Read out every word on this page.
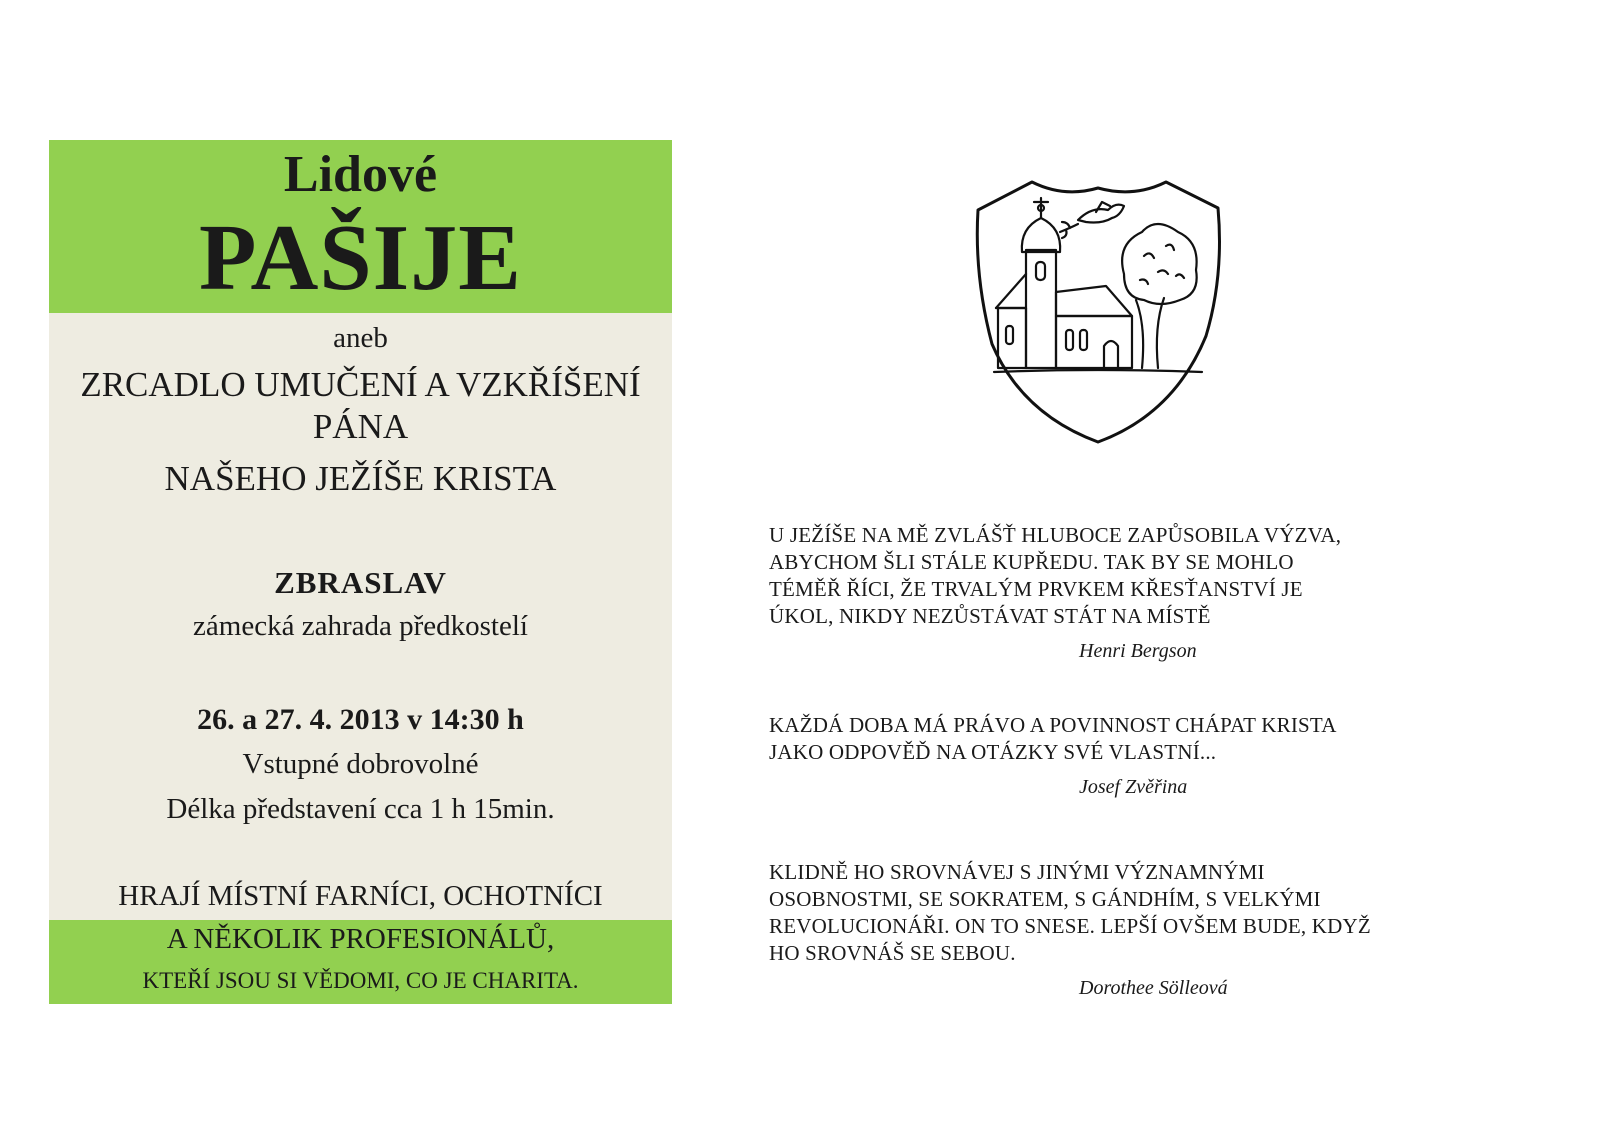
Lidové

PAŠIJE

aneb

ZRCADLO UMUČENÍ A VZKŘÍŠENÍ

PÁNA

NAŠEHO JEŽÍŠE KRISTA

ZBRASLAV

zámecká zahrada předkostelí

26. a 27. 4. 2013 v 14:30 h

Vstupné dobrovolné

Délka představení cca 1 h 15min.

HRAJÍ MÍSTNÍ FARNÍCI, OCHOTNÍCI

A NĚKOLIK PROFESIONÁLŮ,

KTEŘÍ JSOU SI VĚDOMI, CO JE CHARITA.

U JEŽÍŠE NA MĚ ZVLÁŠŤ HLUBOCE ZAPŮSOBILA VÝZVA,
ABYCHOM ŠLI STÁLE KUPŘEDU. TAK BY SE MOHLO
TÉMĚŘ ŘÍCI, ŽE TRVALÝM PRVKEM KŘESŤANSTVÍ JE
ÚKOL, NIKDY NEZŮSTÁVAT STÁT NA MÍSTĚ

Henri Bergson

KAŽDÁ DOBA MÁ PRÁVO A POVINNOST CHÁPAT KRISTA
JAKO ODPOVĚĎ NA OTÁZKY SVÉ VLASTNÍ...

Josef Zvěřina

KLIDNĚ HO SROVNÁVEJ S JINÝMI VÝZNAMNÝMI
OSOBNOSTMI, SE SOKRATEM, S GÁNDHÍM, S VELKÝMI
REVOLUCIONÁŘI. ON TO SNESE. LEPŠÍ OVŠEM BUDE, KDYŽ
HO SROVNÁŠ SE SEBOU.

Dorothee Sölleová
